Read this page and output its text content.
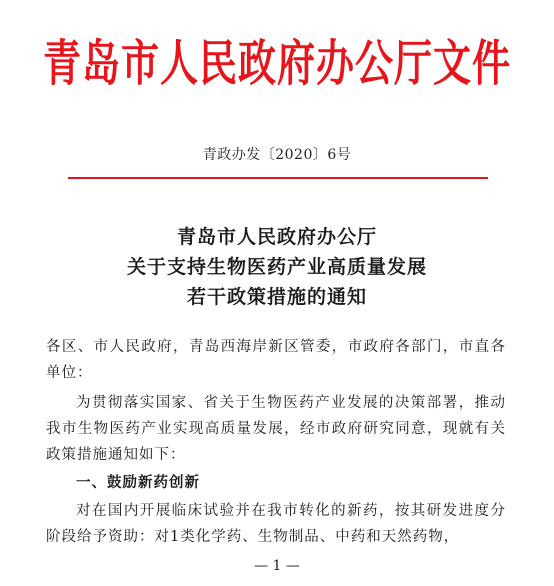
青岛市人民政府办公厅文件
青政办发〔2020〕6号
青岛市人民政府办公厅
关于支持生物医药产业高质量发展
若干政策措施的通知
各区、市人民政府，青岛西海岸新区管委，市政府各部门，市直各单位：
为贯彻落实国家、省关于生物医药产业发展的决策部署，推动我市生物医药产业实现高质量发展，经市政府研究同意，现就有关政策措施通知如下：
一、鼓励新药创新
对在国内开展临床试验并在我市转化的新药，按其研发进度分阶段给予资助：对1类化学药、生物制品、中药和天然药物，
— 1 —
